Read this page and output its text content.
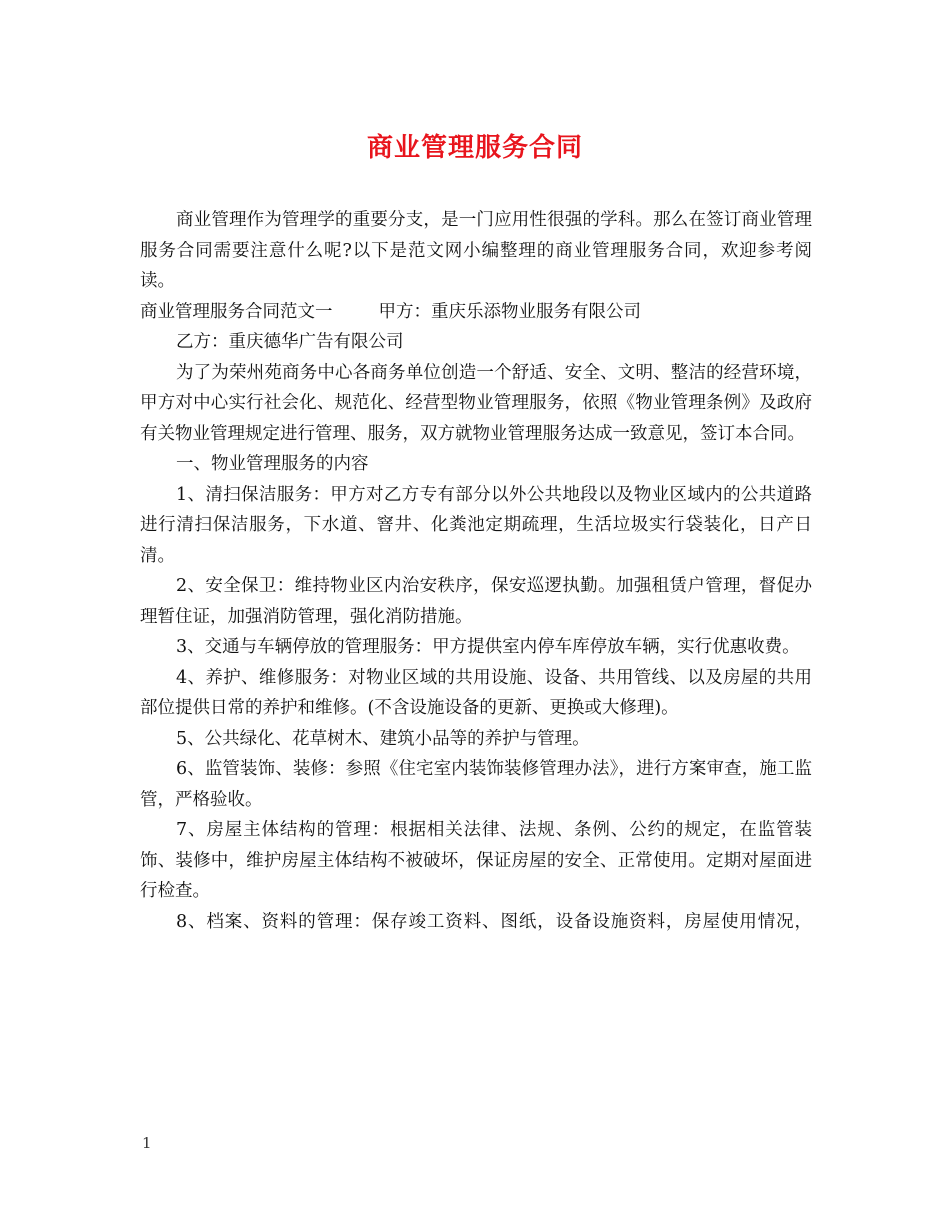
商业管理服务合同

商业管理作为管理学的重要分支，是一门应用性很强的学科。那么在签订商业管理服务合同需要注意什么呢?以下是范文网小编整理的商业管理服务合同，欢迎参考阅读。

商业管理服务合同范文一	甲方：重庆乐添物业服务有限公司

乙方：重庆德华广告有限公司

为了为荣州苑商务中心各商务单位创造一个舒适、安全、文明、整洁的经营环境，甲方对中心实行社会化、规范化、经营型物业管理服务，依照《物业管理条例》及政府有关物业管理规定进行管理、服务，双方就物业管理服务达成一致意见，签订本合同。

一、物业管理服务的内容

1、清扫保洁服务：甲方对乙方专有部分以外公共地段以及物业区域内的公共道路进行清扫保洁服务，下水道、窨井、化粪池定期疏理，生活垃圾实行袋装化，日产日清。

2、安全保卫：维持物业区内治安秩序，保安巡逻执勤。加强租赁户管理，督促办理暂住证，加强消防管理，强化消防措施。

3、交通与车辆停放的管理服务：甲方提供室内停车库停放车辆，实行优惠收费。

4、养护、维修服务：对物业区域的共用设施、设备、共用管线、以及房屋的共用部位提供日常的养护和维修。(不含设施设备的更新、更换或大修理)。

5、公共绿化、花草树木、建筑小品等的养护与管理。

6、监管装饰、装修：参照《住宅室内装饰装修管理办法》，进行方案审查，施工监管，严格验收。

7、房屋主体结构的管理：根据相关法律、法规、条例、公约的规定，在监管装饰、装修中，维护房屋主体结构不被破坏，保证房屋的安全、正常使用。定期对屋面进行检查。

8、档案、资料的管理：保存竣工资料、图纸，设备设施资料，房屋使用情况，

1
